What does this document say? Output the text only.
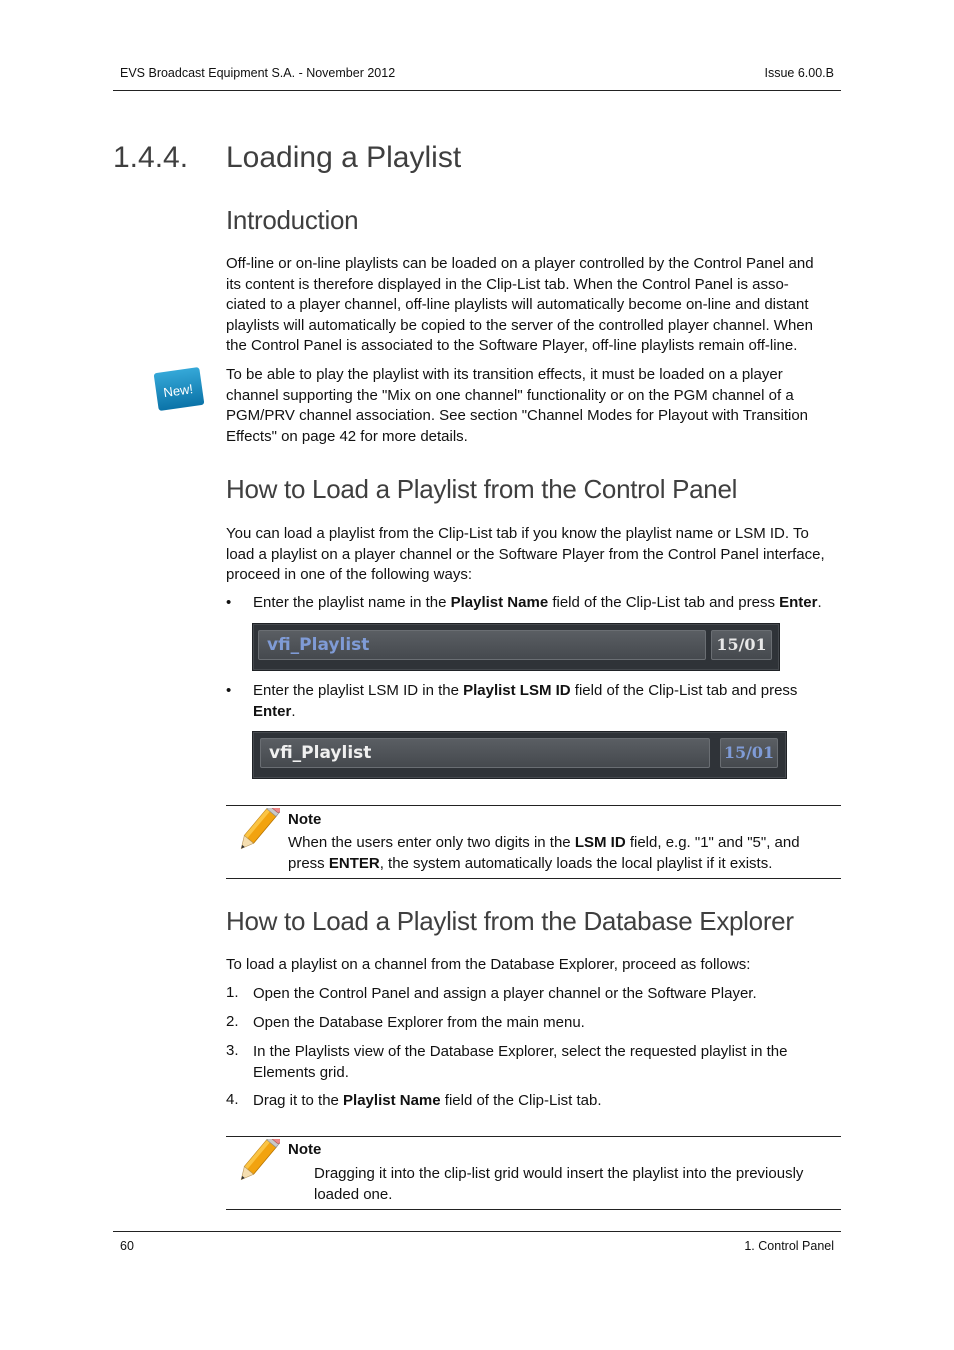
EVS Broadcast Equipment S.A. - November 2012	Issue 6.00.B
1.4.4. Loading a Playlist
Introduction
Off-line or on-line playlists can be loaded on a player controlled by the Control Panel and
its content is therefore displayed in the Clip-List tab. When the Control Panel is asso-
ciated to a player channel, off-line playlists will automatically become on-line and distant
playlists will automatically be copied to the server of the controlled player channel. When
the Control Panel is associated to the Software Player, off-line playlists remain off-line.
New!
To be able to play the playlist with its transition effects, it must be loaded on a player
channel supporting the "Mix on one channel" functionality or on the PGM channel of a
PGM/PRV channel association. See section "Channel Modes for Playout with Transition
Effects" on page 42 for more details.
How to Load a Playlist from the Control Panel
You can load a playlist from the Clip-List tab if you know the playlist name or LSM ID. To
load a playlist on a player channel or the Software Player from the Control Panel interface,
proceed in one of the following ways:
• Enter the playlist name in the Playlist Name field of the Clip-List tab and press Enter.
vfi_Playlist	15/01
• Enter the playlist LSM ID in the Playlist LSM ID field of the Clip-List tab and press
Enter.
vfi_Playlist	15/01
Note
When the users enter only two digits in the LSM ID field, e.g. "1" and "5", and
press ENTER, the system automatically loads the local playlist if it exists.
How to Load a Playlist from the Database Explorer
To load a playlist on a channel from the Database Explorer, proceed as follows:
1. Open the Control Panel and assign a player channel or the Software Player.
2. Open the Database Explorer from the main menu.
3. In the Playlists view of the Database Explorer, select the requested playlist in the
Elements grid.
4. Drag it to the Playlist Name field of the Clip-List tab.
Note
Dragging it into the clip-list grid would insert the playlist into the previously
loaded one.
60	1. Control Panel
